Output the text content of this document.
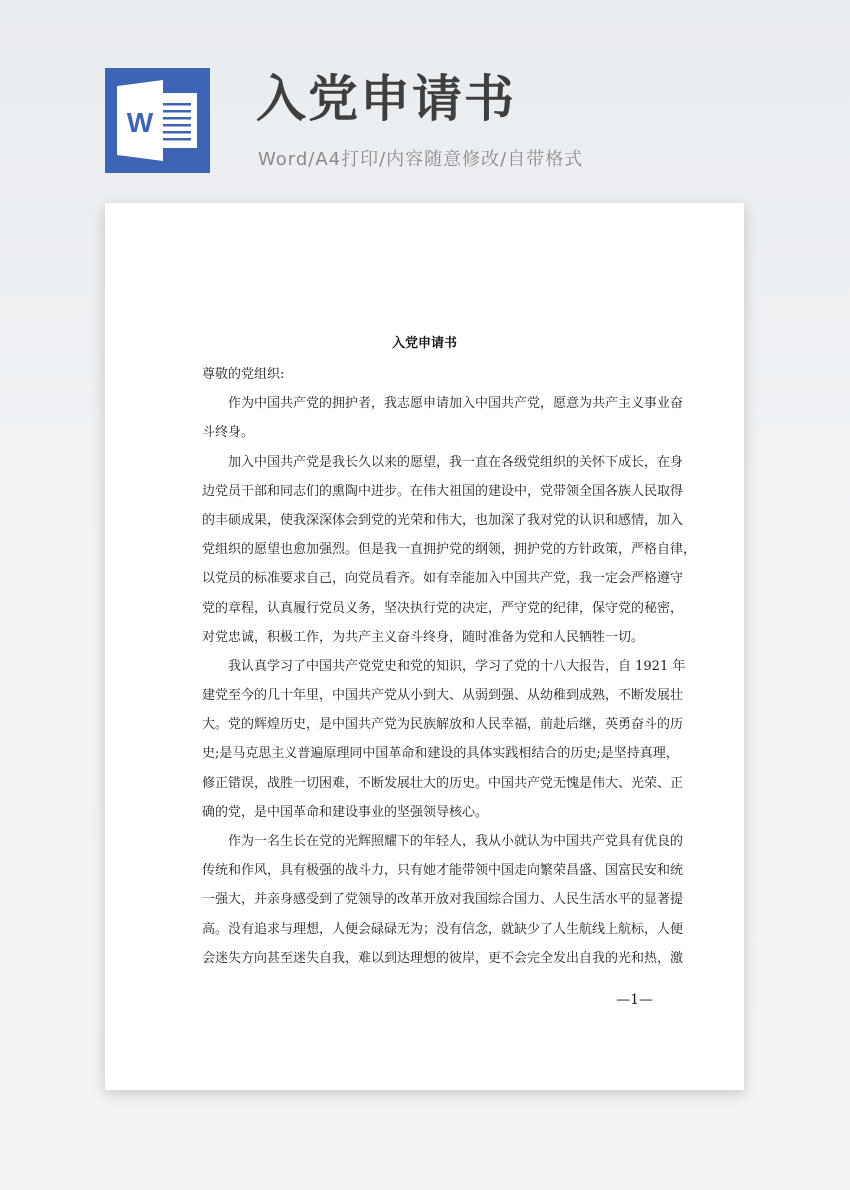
W 入党申请书
Word/A4打印/内容随意修改/自带格式
入党申请书
尊敬的党组织:
作为中国共产党的拥护者，我志愿申请加入中国共产党，愿意为共产主义事业奋
斗终身。
加入中国共产党是我长久以来的愿望，我一直在各级党组织的关怀下成长，在身
边党员干部和同志们的熏陶中进步。在伟大祖国的建设中，党带领全国各族人民取得
的丰硕成果，使我深深体会到党的光荣和伟大，也加深了我对党的认识和感情，加入
党组织的愿望也愈加强烈。但是我一直拥护党的纲领，拥护党的方针政策，严格自律，
以党员的标准要求自己，向党员看齐。如有幸能加入中国共产党，我一定会严格遵守
党的章程，认真履行党员义务，坚决执行党的决定，严守党的纪律，保守党的秘密，
对党忠诚，积极工作，为共产主义奋斗终身，随时准备为党和人民牺牲一切。
我认真学习了中国共产党党史和党的知识，学习了党的十八大报告，自 1921 年
建党至今的几十年里，中国共产党从小到大、从弱到强、从幼稚到成熟，不断发展壮
大。党的辉煌历史，是中国共产党为民族解放和人民幸福，前赴后继，英勇奋斗的历
史;是马克思主义普遍原理同中国革命和建设的具体实践相结合的历史;是坚持真理，
修正错误，战胜一切困难，不断发展壮大的历史。中国共产党无愧是伟大、光荣、正
确的党，是中国革命和建设事业的坚强领导核心。
作为一名生长在党的光辉照耀下的年轻人，我从小就认为中国共产党具有优良的
传统和作风，具有极强的战斗力，只有她才能带领中国走向繁荣昌盛、国富民安和统
一强大，并亲身感受到了党领导的改革开放对我国综合国力、人民生活水平的显著提
高。没有追求与理想，人便会碌碌无为；没有信念，就缺少了人生航线上航标，人便
会迷失方向甚至迷失自我，难以到达理想的彼岸，更不会完全发出自我的光和热，激
—1—
